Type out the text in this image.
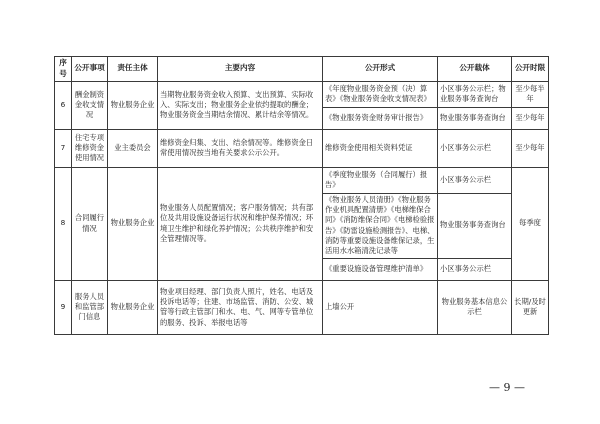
序号	公开事项	责任主体	主要内容	公开形式	公开载体	公开时限
6	酬金制资金收支情况	物业服务企业	当期物业服务资金收入预算、支出预算、实际收入、实际支出；物业服务企业依约提取的酬金；物业服务资金当期结余情况、累计结余等情况。	《年度物业服务资金预（决）算表》《物业服务资金收支情况表》	小区事务公示栏；物业服务事务查询台	至少每半年
				《物业服务资金财务审计报告》	物业服务事务查询台	至少每年
7	住宅专项维修资金使用情况	业主委员会	维修资金归集、支出、结余情况等。维修资金日常使用情况按当地有关要求公示公开。	维修资金使用相关资料凭证	小区事务公示栏	至少每年
8	合同履行情况	物业服务企业	物业服务人员配置情况；客户服务情况；共有部位及共用设施设备运行状况和维护保养情况；环境卫生维护和绿化养护情况；公共秩序维护和安全管理情况等。	《季度物业服务（合同履行）报告》	小区事务公示栏	每季度
				《物业服务人员清册》《物业服务作业机具配置清册》《电梯维保合同》《消防维保合同》《电梯检验报告》《防雷设施检测报告》、电梯、消防等重要设施设备维保记录，生活用水水箱清洗记录等	物业服务事务查询台	

				《重要设施设备管理维护清单》	小区事务公示栏	
9	服务人员和监管部门信息	物业服务企业	物业项目经理、部门负责人照片，姓名、电话及投诉电话等；住建、市场监管、消防、公安、城管等行政主管部门和水、电、气、网等专管单位的服务、投诉、举报电话等	上墙公开	物业服务基本信息公示栏	长期/及时更新
— 9 —
